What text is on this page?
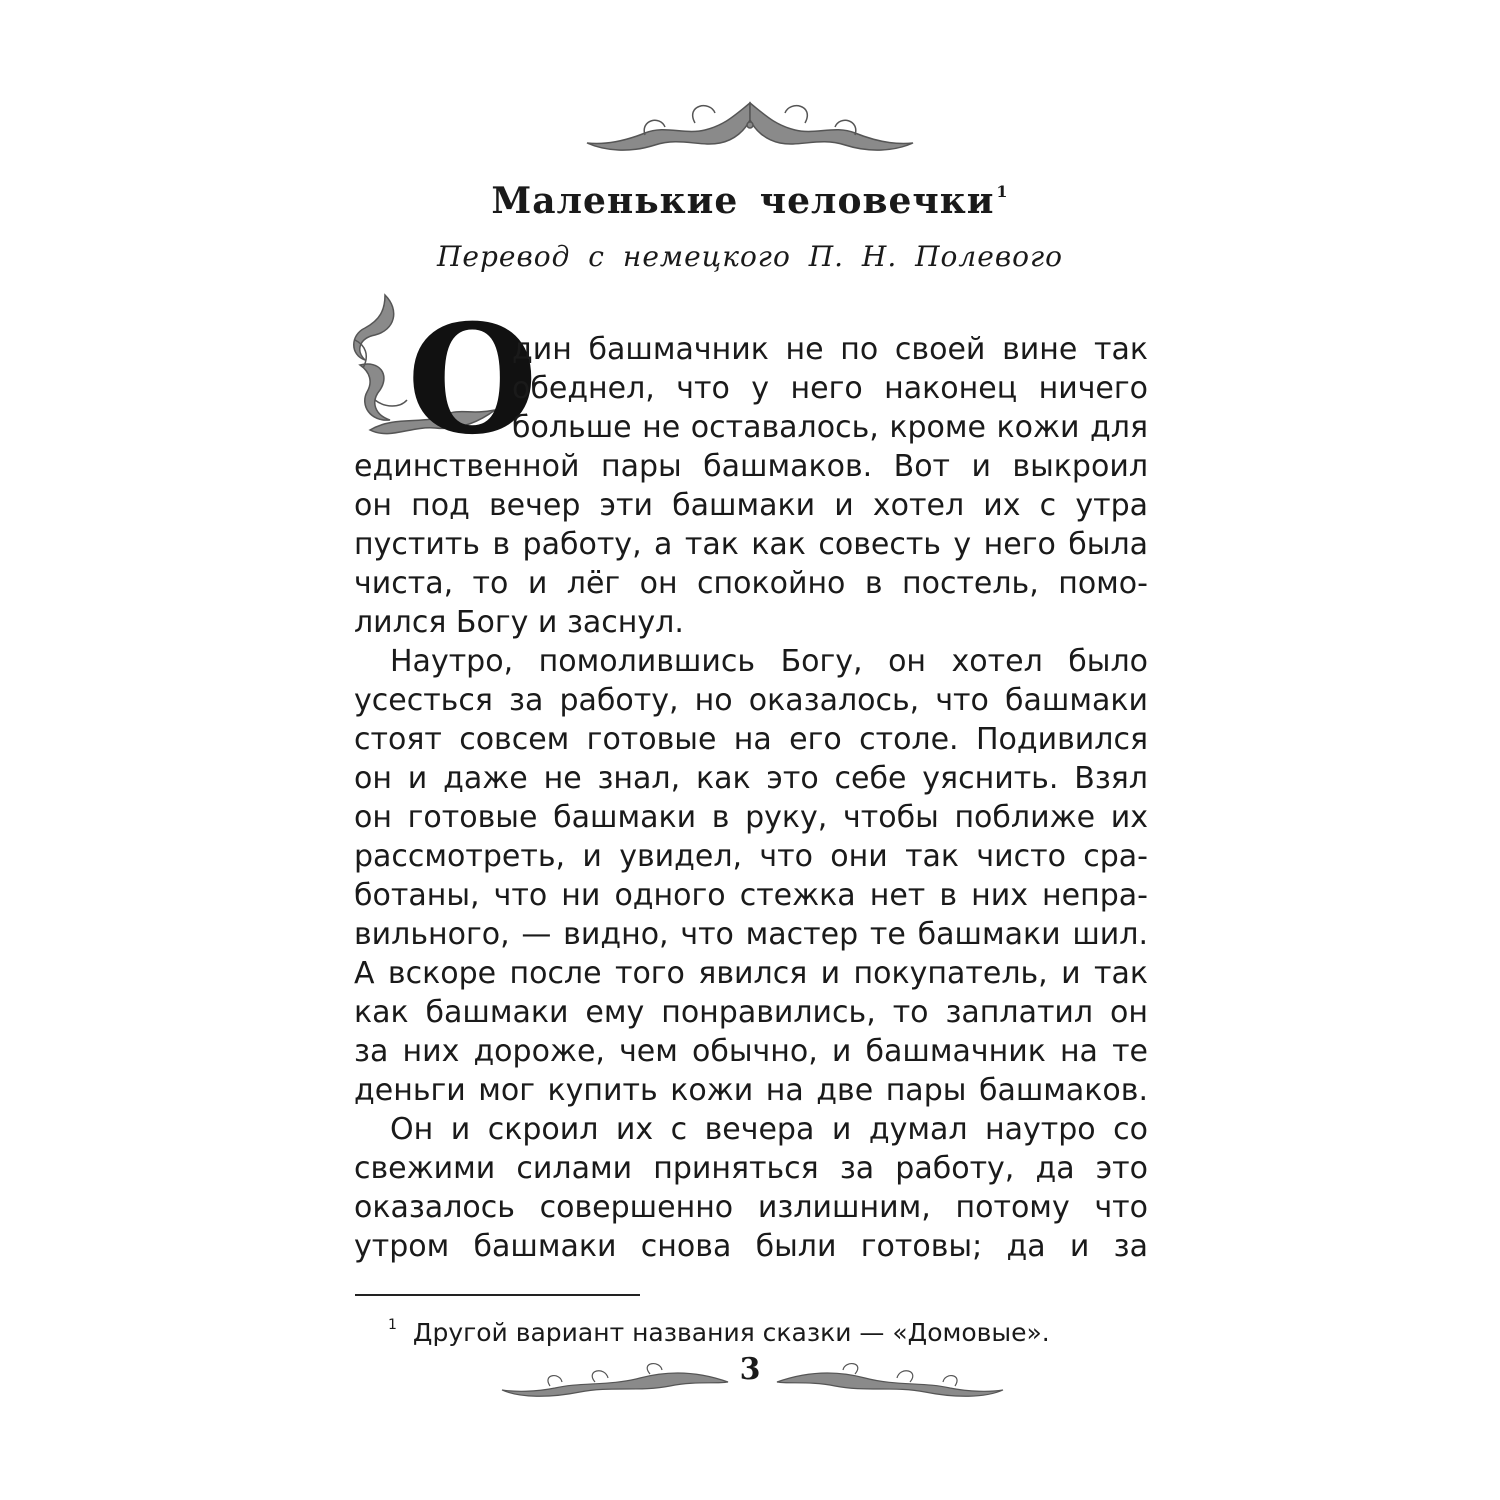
Маленькие человечки $^1$

Перевод с немецкого П. Н. Полевого

О
дин башмачник не по своей вине так
обеднел, что у него наконец ничего
больше не оставалось, кроме кожи для
единственной пары башмаков. Вот и выкроил
он под вечер эти башмаки и хотел их с утра
пустить в работу, а так как совесть у него была
чиста, то и лёг он спокойно в постель, помо-
лился Богу и заснул.
Наутро, помолившись Богу, он хотел было
усесться за работу, но оказалось, что башмаки
стоят совсем готовые на его столе. Подивился
он и даже не знал, как это себе уяснить. Взял
он готовые башмаки в руку, чтобы поближе их
рассмотреть, и увидел, что они так чисто сра-
ботаны, что ни одного стежка нет в них непра-
вильного, — видно, что мастер те башмаки шил.
А вскоре после того явился и покупатель, и так
как башмаки ему понравились, то заплатил он
за них дороже, чем обычно, и башмачник на те
деньги мог купить кожи на две пары башмаков.
Он и скроил их с вечера и думал наутро со
свежими силами приняться за работу, да это
оказалось совершенно излишним, потому что
утром башмаки снова были готовы; да и за

$^1$ Другой вариант названия сказки — «Домовые».

3
